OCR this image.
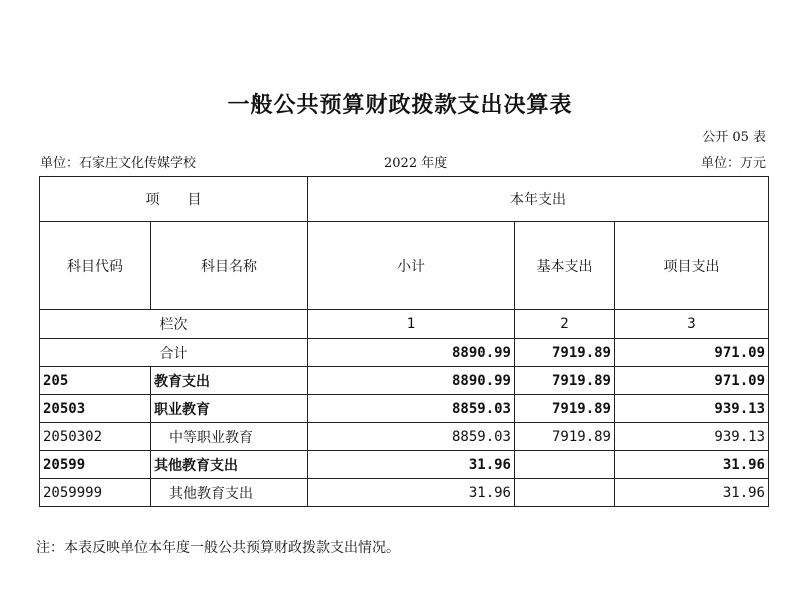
一般公共预算财政拨款支出决算表
公开 05 表
单位：石家庄文化传媒学校	2022 年度	单位：万元
项　　目		本年支出		
科目代码	科目名称	小计	基本支出	项目支出
栏次		1	2	3
合计		8890.99	7919.89	971.09
205	教育支出	8890.99	7919.89	971.09
20503	职业教育	8859.03	7919.89	939.13
2050302	中等职业教育	8859.03	7919.89	939.13
20599	其他教育支出	31.96		31.96
2059999	其他教育支出	31.96		31.96
注：本表反映单位本年度一般公共预算财政拨款支出情况。
